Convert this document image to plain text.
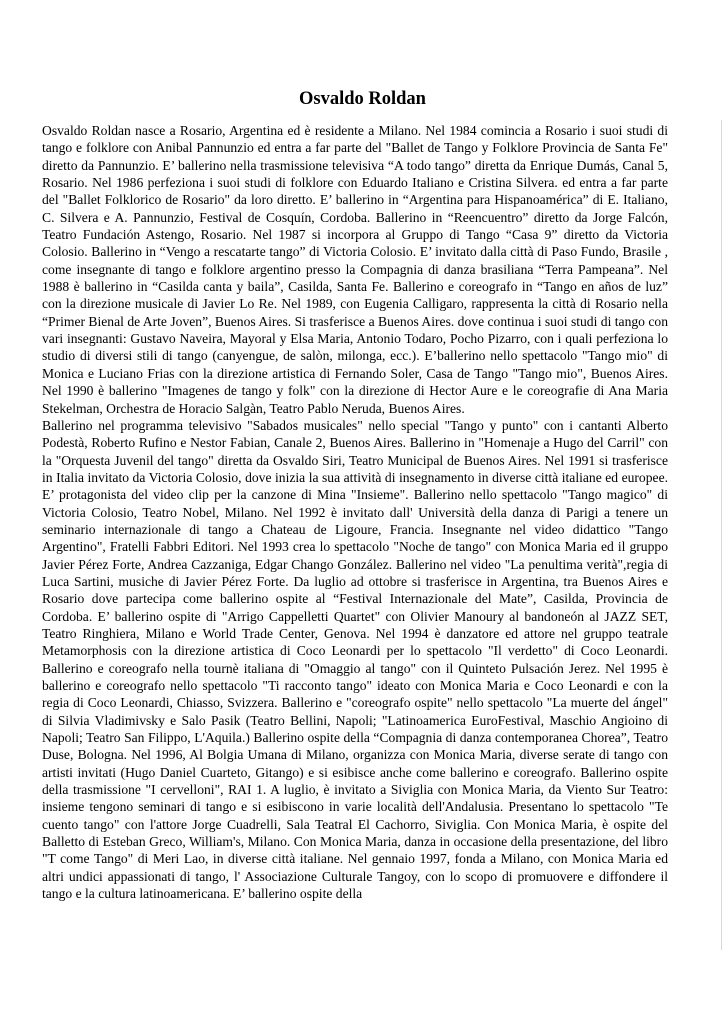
Osvaldo Roldan

Osvaldo Roldan nasce a Rosario, Argentina ed è residente a Milano. Nel 1984 comincia a Rosario i suoi studi di tango e folklore con Anibal Pannunzio ed entra a far parte del "Ballet de Tango y Folklore Provincia de Santa Fe" diretto da Pannunzio. E’ ballerino nella trasmissione televisiva “A todo tango” diretta da Enrique Dumás, Canal 5, Rosario. Nel 1986 perfeziona i suoi studi di folklore con Eduardo Italiano e Cristina Silvera. ed entra a far parte del "Ballet Folklorico de Rosario" da loro diretto. E’ ballerino in “Argentina para Hispanoamérica” di E. Italiano, C. Silvera e A. Pannunzio, Festival de Cosquín, Cordoba. Ballerino in “Reencuentro” diretto da Jorge Falcón, Teatro Fundación Astengo, Rosario. Nel 1987 si incorpora al Gruppo di Tango “Casa 9” diretto da Victoria Colosio. Ballerino in “Vengo a rescatarte tango” di Victoria Colosio. E’ invitato dalla città di Paso Fundo, Brasile , come insegnante di tango e folklore argentino presso la Compagnia di danza brasiliana “Terra Pampeana”. Nel 1988 è ballerino in “Casilda canta y baila”, Casilda, Santa Fe. Ballerino e coreografo in “Tango en años de luz” con la direzione musicale di Javier Lo Re. Nel 1989, con Eugenia Calligaro, rappresenta la città di Rosario nella “Primer Bienal de Arte Joven”, Buenos Aires. Si trasferisce a Buenos Aires. dove continua i suoi studi di tango con vari insegnanti: Gustavo Naveira, Mayoral y Elsa Maria, Antonio Todaro, Pocho Pizarro, con i quali perfeziona lo studio di diversi stili di tango (canyengue, de salòn, milonga, ecc.). E’ballerino nello spettacolo "Tango mio" di Monica e Luciano Frias con la direzione artistica di Fernando Soler, Casa de Tango "Tango mio", Buenos Aires. Nel 1990 è ballerino "Imagenes de tango y folk" con la direzione di Hector Aure e le coreografie di Ana Maria Stekelman, Orchestra de Horacio Salgàn, Teatro Pablo Neruda, Buenos Aires.

Ballerino nel programma televisivo "Sabados musicales" nello special "Tango y punto" con i cantanti Alberto Podestà, Roberto Rufino e Nestor Fabian, Canale 2, Buenos Aires. Ballerino in "Homenaje a Hugo del Carril" con la "Orquesta Juvenil del tango" diretta da Osvaldo Siri, Teatro Municipal de Buenos Aires. Nel 1991 si trasferisce in Italia invitato da Victoria Colosio, dove inizia la sua attività di insegnamento in diverse città italiane ed europee. E’ protagonista del video clip per la canzone di Mina "Insieme". Ballerino nello spettacolo "Tango magico" di Victoria Colosio, Teatro Nobel, Milano. Nel 1992 è invitato dall' Università della danza di Parigi a tenere un seminario internazionale di tango a Chateau de Ligoure, Francia. Insegnante nel video didattico "Tango Argentino", Fratelli Fabbri Editori. Nel 1993 crea lo spettacolo "Noche de tango" con Monica Maria ed il gruppo Javier Pérez Forte, Andrea Cazzaniga, Edgar Chango González. Ballerino nel video "La penultima verità",regia di Luca Sartini, musiche di Javier Pérez Forte. Da luglio ad ottobre si trasferisce in Argentina, tra Buenos Aires e Rosario dove partecipa come ballerino ospite al “Festival Internazionale del Mate”, Casilda, Provincia de Cordoba. E’ ballerino ospite di "Arrigo Cappelletti Quartet" con Olivier Manoury al bandoneón al JAZZ SET, Teatro Ringhiera, Milano e World Trade Center, Genova. Nel 1994 è danzatore ed attore nel gruppo teatrale Metamorphosis con la direzione artistica di Coco Leonardi per lo spettacolo "Il verdetto" di Coco Leonardi. Ballerino e coreografo nella tournè italiana di "Omaggio al tango" con il Quinteto Pulsación Jerez. Nel 1995 è ballerino e coreografo nello spettacolo "Ti racconto tango" ideato con Monica Maria e Coco Leonardi e con la regia di Coco Leonardi, Chiasso, Svizzera. Ballerino e "coreografo ospite" nello spettacolo "La muerte del ángel" di Silvia Vladimivsky e Salo Pasik (Teatro Bellini, Napoli; "Latinoamerica EuroFestival, Maschio Angioino di Napoli; Teatro San Filippo, L'Aquila.) Ballerino ospite della “Compagnia di danza contemporanea Chorea”, Teatro Duse, Bologna. Nel 1996, Al Bolgia Umana di Milano, organizza con Monica Maria, diverse serate di tango con artisti invitati (Hugo Daniel Cuarteto, Gitango) e si esibisce anche come ballerino e coreografo. Ballerino ospite della trasmissione "I cervelloni", RAI 1. A luglio, è invitato a Siviglia con Monica Maria, da Viento Sur Teatro: insieme tengono seminari di tango e si esibiscono in varie località dell'Andalusia. Presentano lo spettacolo "Te cuento tango" con l'attore Jorge Cuadrelli, Sala Teatral El Cachorro, Siviglia. Con Monica Maria, è ospite del Balletto di Esteban Greco, William's, Milano. Con Monica Maria, danza in occasione della presentazione, del libro "T come Tango" di Meri Lao, in diverse città italiane. Nel gennaio 1997, fonda a Milano, con Monica Maria ed altri undici appassionati di tango, l' Associazione Culturale Tangoy, con lo scopo di promuovere e diffondere il tango e la cultura latinoamericana. E’ ballerino ospite della
